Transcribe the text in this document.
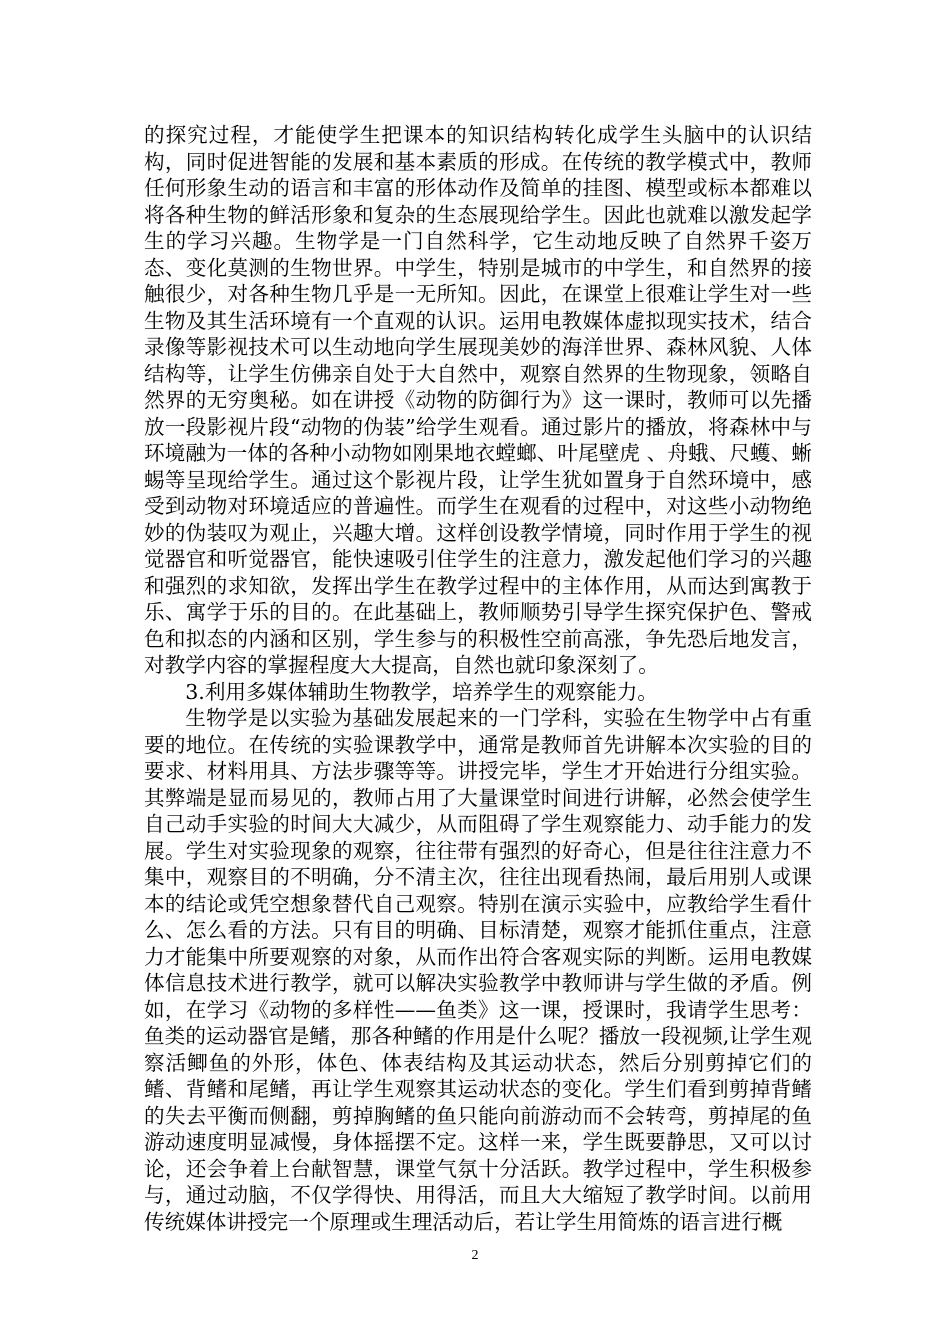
的探究过程，才能使学生把课本的知识结构转化成学生头脑中的认识结构，同时促进智能的发展和基本素质的形成。在传统的教学模式中，教师任何形象生动的语言和丰富的形体动作及简单的挂图、模型或标本都难以将各种生物的鲜活形象和复杂的生态展现给学生。因此也就难以激发起学生的学习兴趣。生物学是一门自然科学，它生动地反映了自然界千姿万态、变化莫测的生物世界。中学生，特别是城市的中学生，和自然界的接触很少，对各种生物几乎是一无所知。因此，在课堂上很难让学生对一些生物及其生活环境有一个直观的认识。运用电教媒体虚拟现实技术，结合录像等影视技术可以生动地向学生展现美妙的海洋世界、森林风貌、人体结构等，让学生仿佛亲自处于大自然中，观察自然界的生物现象，领略自然界的无穷奥秘。如在讲授《动物的防御行为》这一课时，教师可以先播放一段影视片段“动物的伪装”给学生观看。通过影片的播放，将森林中与环境融为一体的各种小动物如刚果地衣螳螂、叶尾壁虎 、舟蛾、尺蠖、蜥蜴等呈现给学生。通过这个影视片段，让学生犹如置身于自然环境中，感受到动物对环境适应的普遍性。而学生在观看的过程中，对这些小动物绝妙的伪装叹为观止，兴趣大增。这样创设教学情境，同时作用于学生的视觉器官和听觉器官，能快速吸引住学生的注意力，激发起他们学习的兴趣和强烈的求知欲，发挥出学生在教学过程中的主体作用，从而达到寓教于乐、寓学于乐的目的。在此基础上，教师顺势引导学生探究保护色、警戒色和拟态的内涵和区别，学生参与的积极性空前高涨，争先恐后地发言，对教学内容的掌握程度大大提高，自然也就印象深刻了。

3.利用多媒体辅助生物教学，培养学生的观察能力。

生物学是以实验为基础发展起来的一门学科，实验在生物学中占有重要的地位。在传统的实验课教学中，通常是教师首先讲解本次实验的目的要求、材料用具、方法步骤等等。讲授完毕，学生才开始进行分组实验。其弊端是显而易见的，教师占用了大量课堂时间进行讲解，必然会使学生自己动手实验的时间大大减少，从而阻碍了学生观察能力、动手能力的发展。学生对实验现象的观察，往往带有强烈的好奇心，但是往往注意力不集中，观察目的不明确，分不清主次，往往出现看热闹，最后用别人或课本的结论或凭空想象替代自己观察。特别在演示实验中，应教给学生看什么、怎么看的方法。只有目的明确、目标清楚，观察才能抓住重点，注意力才能集中所要观察的对象，从而作出符合客观实际的判断。运用电教媒体信息技术进行教学，就可以解决实验教学中教师讲与学生做的矛盾。例如，在学习《动物的多样性——鱼类》这一课，授课时，我请学生思考：鱼类的运动器官是鳍，那各种鳍的作用是什么呢？播放一段视频,让学生观察活鲫鱼的外形，体色、体表结构及其运动状态，然后分别剪掉它们的鳍、背鳍和尾鳍，再让学生观察其运动状态的变化。学生们看到剪掉背鳍的失去平衡而侧翻，剪掉胸鳍的鱼只能向前游动而不会转弯，剪掉尾的鱼游动速度明显减慢，身体摇摆不定。这样一来，学生既要静思，又可以讨论，还会争着上台献智慧，课堂气氛十分活跃。教学过程中，学生积极参与，通过动脑，不仅学得快、用得活，而且大大缩短了教学时间。以前用传统媒体讲授完一个原理或生理活动后，若让学生用简炼的语言进行概

2
